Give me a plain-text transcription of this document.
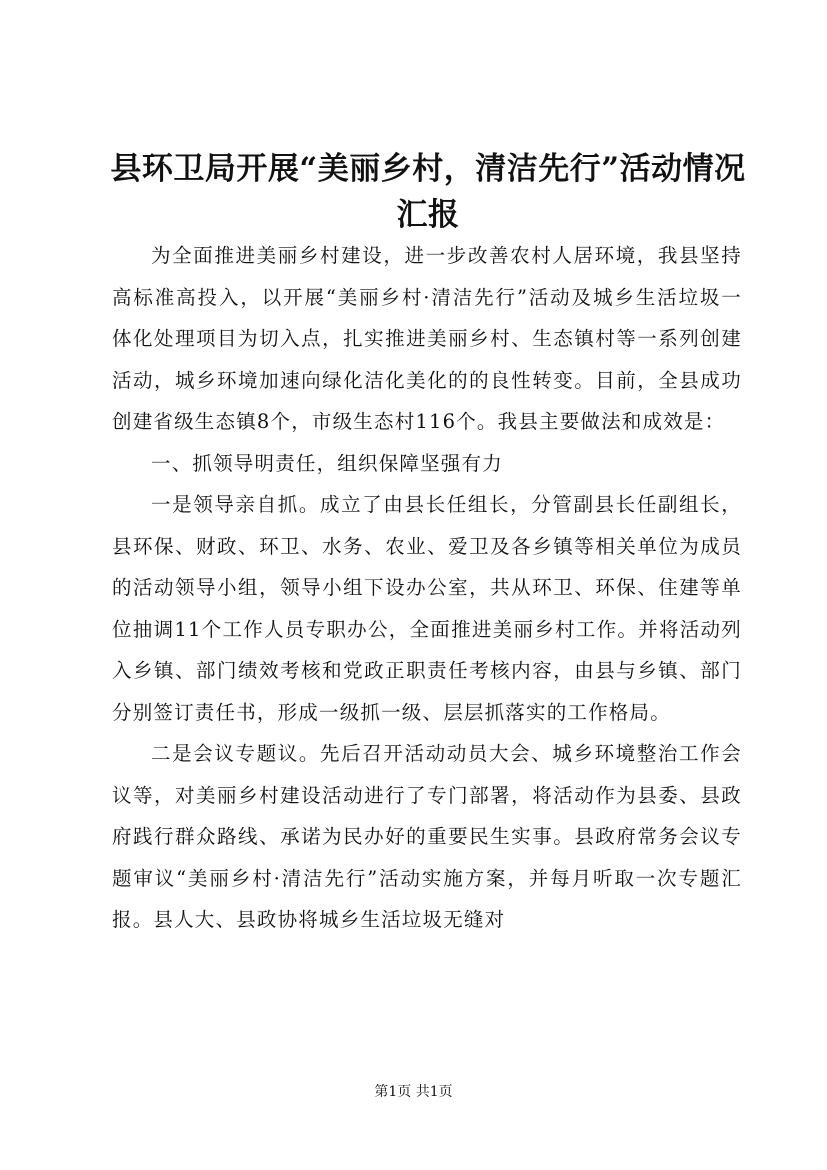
县环卫局开展“美丽乡村，清洁先行”活动情况汇报

为全面推进美丽乡村建设，进一步改善农村人居环境，我县坚持高标准高投入，以开展“美丽乡村·清洁先行”活动及城乡生活垃圾一体化处理项目为切入点，扎实推进美丽乡村、生态镇村等一系列创建活动，城乡环境加速向绿化洁化美化的的良性转变。目前，全县成功创建省级生态镇8个，市级生态村116个。我县主要做法和成效是：

一、抓领导明责任，组织保障坚强有力

一是领导亲自抓。成立了由县长任组长，分管副县长任副组长，县环保、财政、环卫、水务、农业、爱卫及各乡镇等相关单位为成员的活动领导小组，领导小组下设办公室，共从环卫、环保、住建等单位抽调11个工作人员专职办公，全面推进美丽乡村工作。并将活动列入乡镇、部门绩效考核和党政正职责任考核内容，由县与乡镇、部门分别签订责任书，形成一级抓一级、层层抓落实的工作格局。

二是会议专题议。先后召开活动动员大会、城乡环境整治工作会议等，对美丽乡村建设活动进行了专门部署，将活动作为县委、县政府践行群众路线、承诺为民办好的重要民生实事。县政府常务会议专题审议“美丽乡村·清洁先行”活动实施方案，并每月听取一次专题汇报。县人大、县政协将城乡生活垃圾无缝对

第1页 共1页
